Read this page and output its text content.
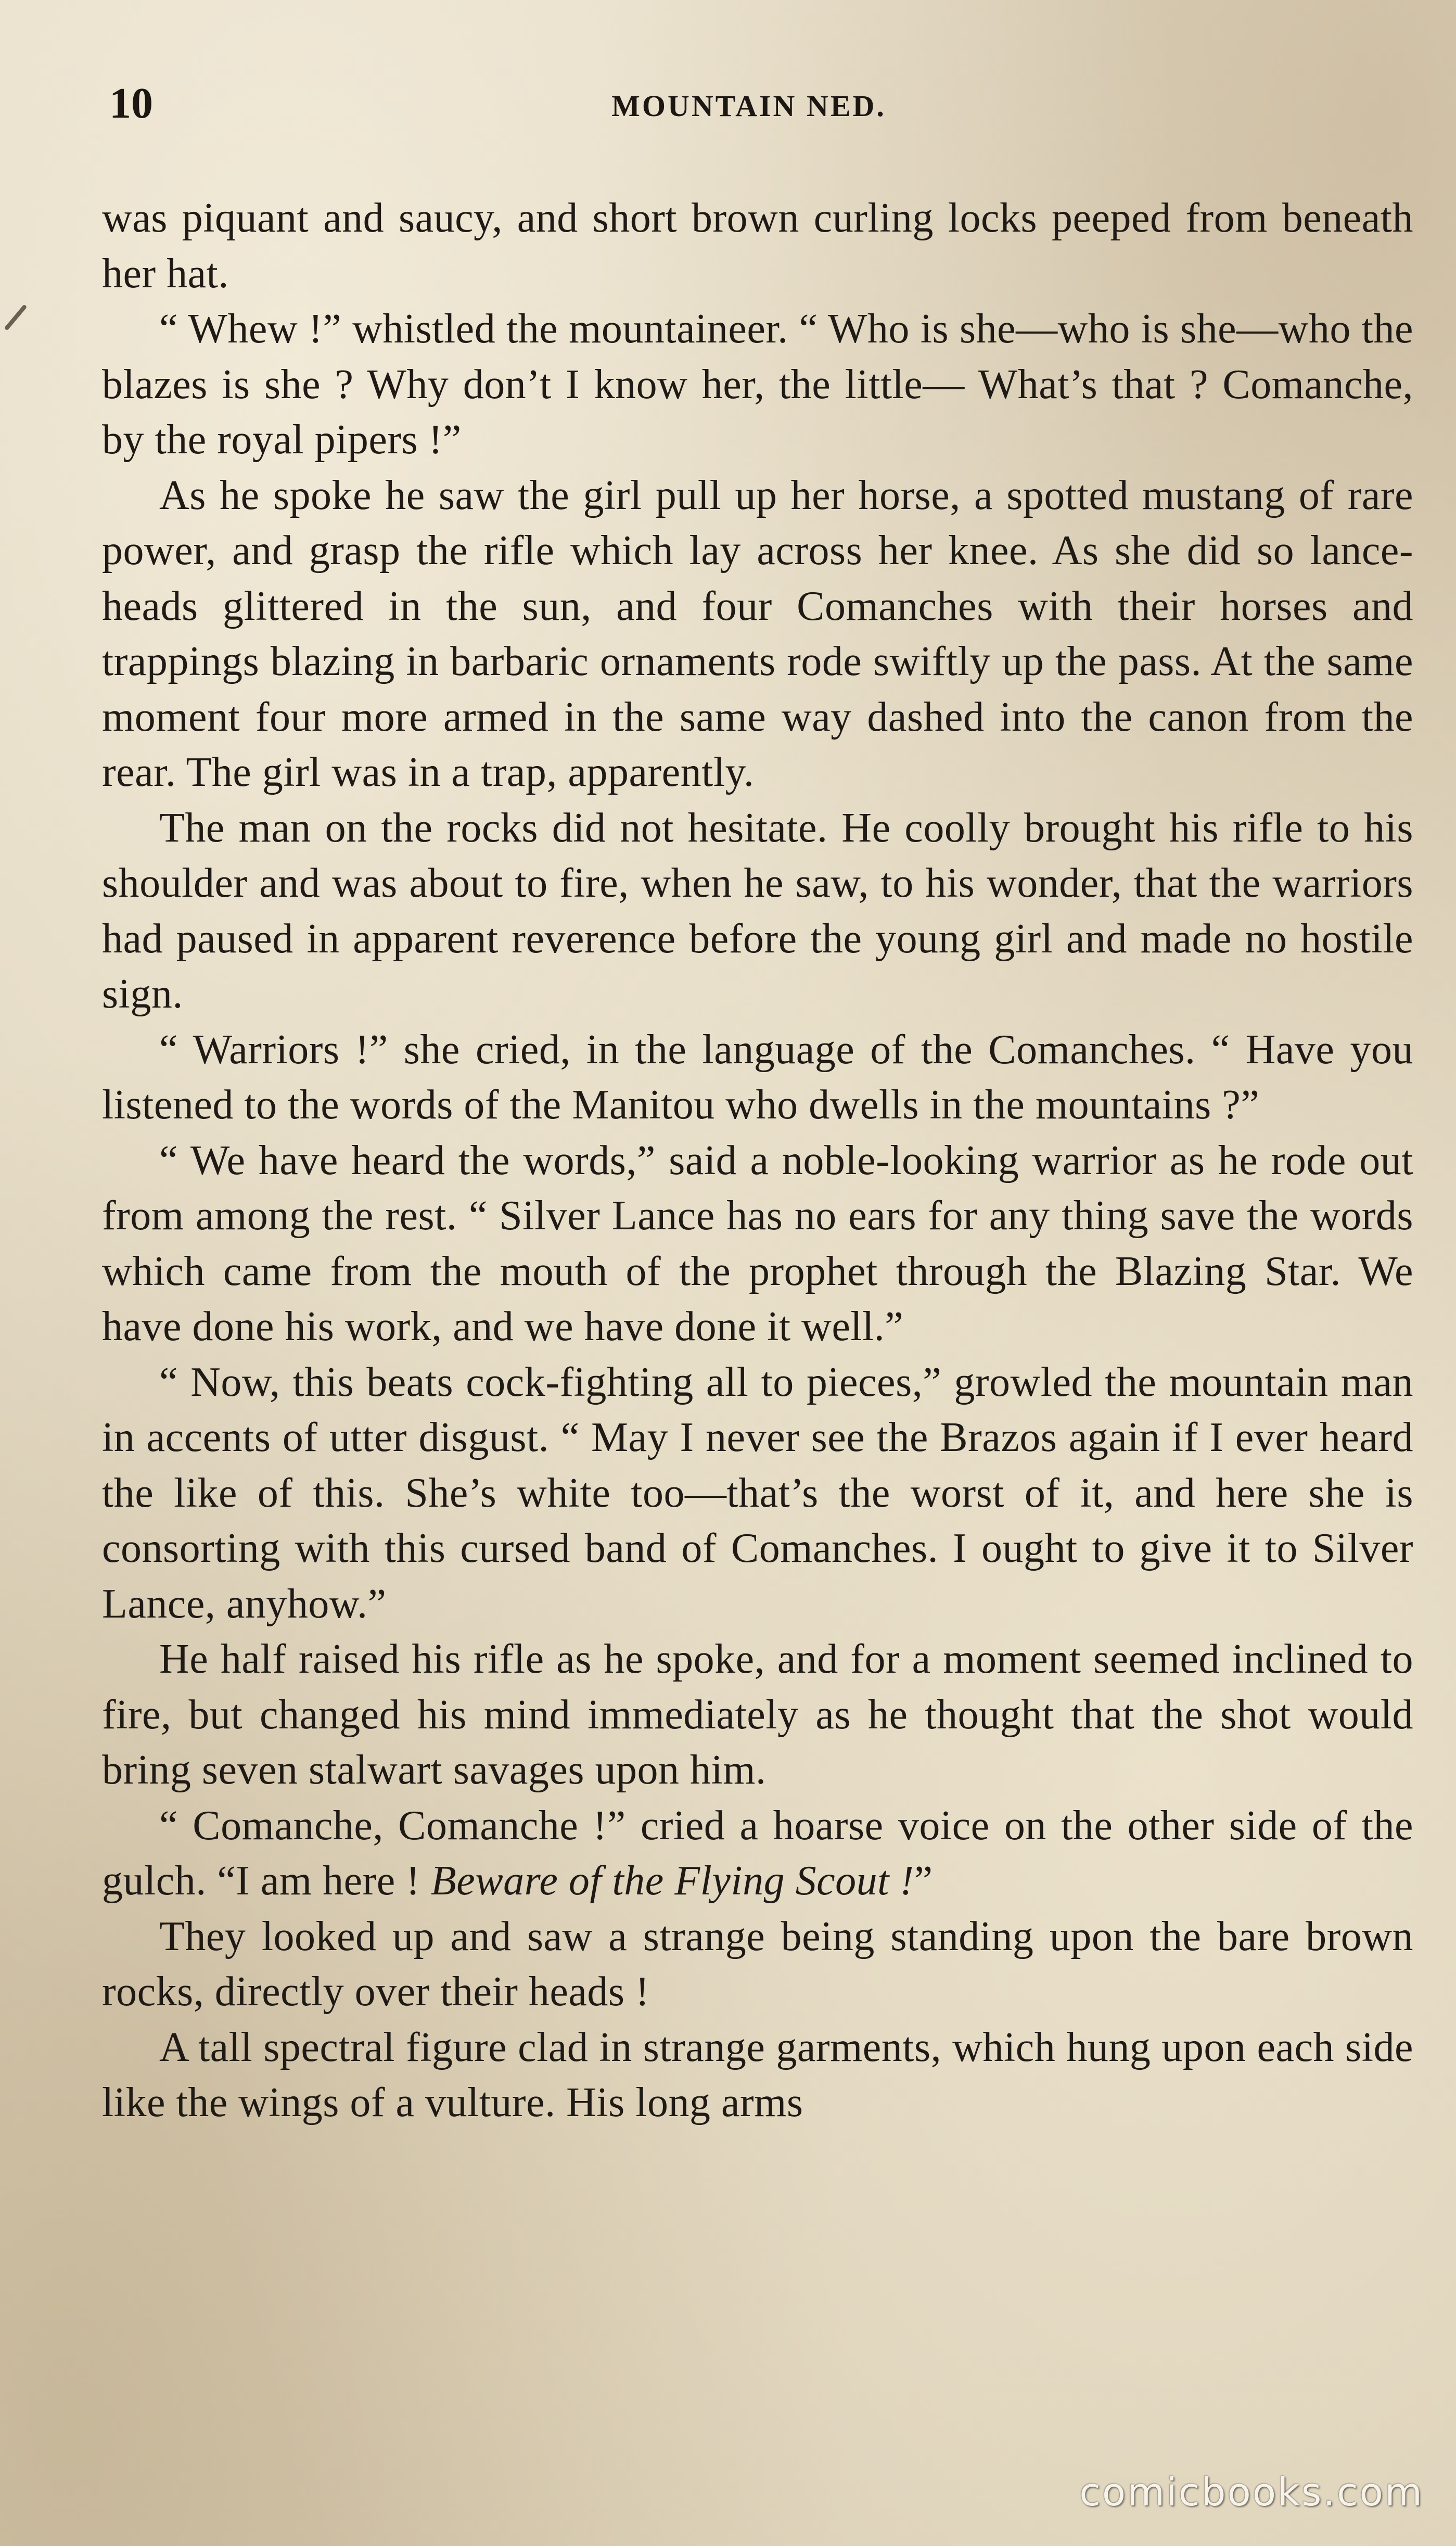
10	MOUNTAIN NED.

was piquant and saucy, and short brown curling locks peeped from beneath her hat.

“ Whew !” whistled the mountaineer. “ Who is she—who is she—who the blazes is she ? Why don’t I know her, the little— What’s that ? Comanche, by the royal pipers !”

As he spoke he saw the girl pull up her horse, a spotted mustang of rare power, and grasp the rifle which lay across her knee. As she did so lance-heads glittered in the sun, and four Comanches with their horses and trappings blazing in barbaric ornaments rode swiftly up the pass. At the same moment four more armed in the same way dashed into the canon from the rear. The girl was in a trap, apparently.

The man on the rocks did not hesitate. He coolly brought his rifle to his shoulder and was about to fire, when he saw, to his wonder, that the warriors had paused in apparent reverence before the young girl and made no hostile sign.

“ Warriors !” she cried, in the language of the Comanches. “ Have you listened to the words of the Manitou who dwells in the mountains ?”

“ We have heard the words,” said a noble-looking warrior as he rode out from among the rest. “ Silver Lance has no ears for any thing save the words which came from the mouth of the prophet through the Blazing Star. We have done his work, and we have done it well.”

“ Now, this beats cock-fighting all to pieces,” growled the mountain man in accents of utter disgust. “ May I never see the Brazos again if I ever heard the like of this. She’s white too—that’s the worst of it, and here she is consorting with this cursed band of Comanches. I ought to give it to Silver Lance, anyhow.”

He half raised his rifle as he spoke, and for a moment seemed inclined to fire, but changed his mind immediately as he thought that the shot would bring seven stalwart savages upon him.

“ Comanche, Comanche !” cried a hoarse voice on the other side of the gulch. “I am here ! Beware of the Flying Scout !”

They looked up and saw a strange being standing upon the bare brown rocks, directly over their heads !

A tall spectral figure clad in strange garments, which hung upon each side like the wings of a vulture. His long arms

comicbooks.com
